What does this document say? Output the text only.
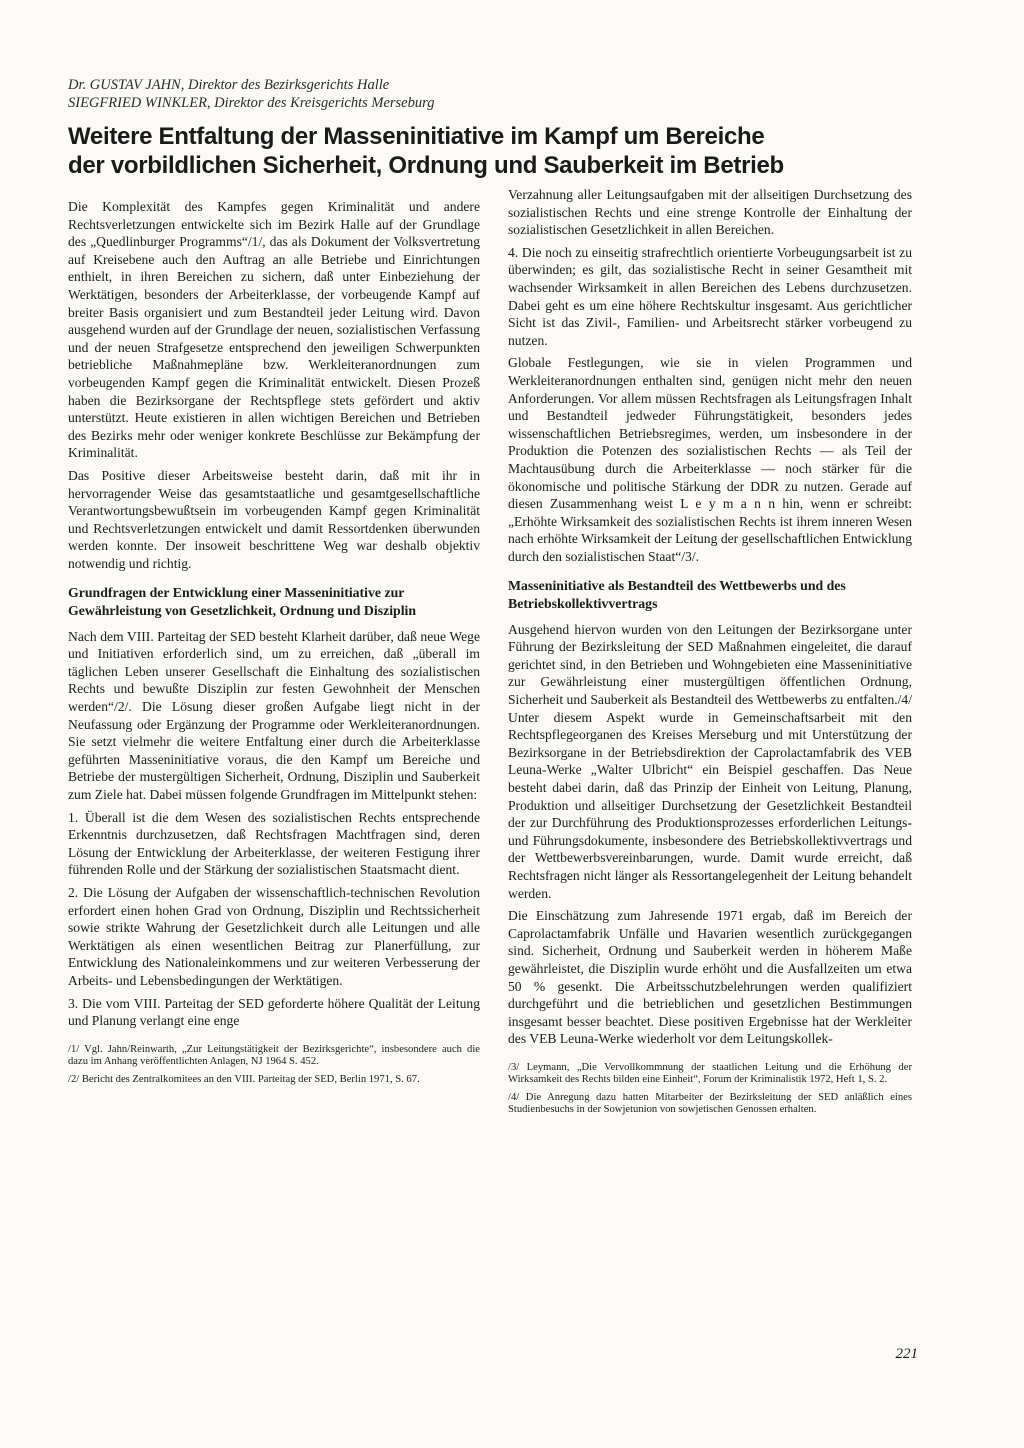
Dr. GUSTAV JAHN, Direktor des Bezirksgerichts Halle
SIEGFRIED WINKLER, Direktor des Kreisgerichts Merseburg
Weitere Entfaltung der Masseninitiative im Kampf um Bereiche
der vorbildlichen Sicherheit, Ordnung und Sauberkeit im Betrieb

Die Komplexität des Kampfes gegen Kriminalität und andere Rechtsverletzungen entwickelte sich im Bezirk Halle auf der Grundlage des „Quedlinburger Programms“/1/, das als Dokument der Volksvertretung auf Kreisebene auch den Auftrag an alle Betriebe und Einrichtungen enthielt, in ihren Bereichen zu sichern, daß unter Einbeziehung der Werktätigen, besonders der Arbeiterklasse, der vorbeugende Kampf auf breiter Basis organisiert und zum Bestandteil jeder Leitung wird. Davon ausgehend wurden auf der Grundlage der neuen, sozialistischen Verfassung und der neuen Strafgesetze entsprechend den jeweiligen Schwerpunkten betriebliche Maßnahmepläne bzw. Werkleiteranordnungen zum vorbeugenden Kampf gegen die Kriminalität entwickelt. Diesen Prozeß haben die Bezirksorgane der Rechtspflege stets gefördert und aktiv unterstützt. Heute existieren in allen wichtigen Bereichen und Betrieben des Bezirks mehr oder weniger konkrete Beschlüsse zur Bekämpfung der Kriminalität.

Das Positive dieser Arbeitsweise besteht darin, daß mit ihr in hervorragender Weise das gesamtstaatliche und gesamtgesellschaftliche Verantwortungsbewußtsein im vorbeugenden Kampf gegen Kriminalität und Rechtsverletzungen entwickelt und damit Ressortdenken überwunden werden konnte. Der insoweit beschrittene Weg war deshalb objektiv notwendig und richtig.

Grundfragen der Entwicklung einer Masseninitiative zur Gewährleistung von Gesetzlichkeit, Ordnung und Disziplin

Nach dem VIII. Parteitag der SED besteht Klarheit darüber, daß neue Wege und Initiativen erforderlich sind, um zu erreichen, daß „überall im täglichen Leben unserer Gesellschaft die Einhaltung des sozialistischen Rechts und bewußte Disziplin zur festen Gewohnheit der Menschen werden“/2/. Die Lösung dieser großen Aufgabe liegt nicht in der Neufassung oder Ergänzung der Programme oder Werkleiteranordnungen. Sie setzt vielmehr die weitere Entfaltung einer durch die Arbeiterklasse geführten Masseninitiative voraus, die den Kampf um Bereiche und Betriebe der mustergültigen Sicherheit, Ordnung, Disziplin und Sauberkeit zum Ziele hat. Dabei müssen folgende Grundfragen im Mittelpunkt stehen:

1. Überall ist die dem Wesen des sozialistischen Rechts entsprechende Erkenntnis durchzusetzen, daß Rechtsfragen Machtfragen sind, deren Lösung der Entwicklung der Arbeiterklasse, der weiteren Festigung ihrer führenden Rolle und der Stärkung der sozialistischen Staatsmacht dient.

2. Die Lösung der Aufgaben der wissenschaftlich-technischen Revolution erfordert einen hohen Grad von Ordnung, Disziplin und Rechtssicherheit sowie strikte Wahrung der Gesetzlichkeit durch alle Leitungen und alle Werktätigen als einen wesentlichen Beitrag zur Planerfüllung, zur Entwicklung des Nationaleinkommens und zur weiteren Verbesserung der Arbeits- und Lebensbedingungen der Werktätigen.

3. Die vom VIII. Parteitag der SED geforderte höhere Qualität der Leitung und Planung verlangt eine enge

/1/ Vgl. Jahn/Reinwarth, „Zur Leitungstätigkeit der Bezirksgerichte“, insbesondere auch die dazu im Anhang veröffentlichten Anlagen, NJ 1964 S. 452.

/2/ Bericht des Zentralkomitees an den VIII. Parteitag der SED, Berlin 1971, S. 67.

Verzahnung aller Leitungsaufgaben mit der allseitigen Durchsetzung des sozialistischen Rechts und eine strenge Kontrolle der Einhaltung der sozialistischen Gesetzlichkeit in allen Bereichen.

4. Die noch zu einseitig strafrechtlich orientierte Vorbeugungsarbeit ist zu überwinden; es gilt, das sozialistische Recht in seiner Gesamtheit mit wachsender Wirksamkeit in allen Bereichen des Lebens durchzusetzen. Dabei geht es um eine höhere Rechtskultur insgesamt. Aus gerichtlicher Sicht ist das Zivil-, Familien- und Arbeitsrecht stärker vorbeugend zu nutzen.

Globale Festlegungen, wie sie in vielen Programmen und Werkleiteranordnungen enthalten sind, genügen nicht mehr den neuen Anforderungen. Vor allem müssen Rechtsfragen als Leitungsfragen Inhalt und Bestandteil jedweder Führungstätigkeit, besonders jedes wissenschaftlichen Betriebsregimes, werden, um insbesondere in der Produktion die Potenzen des sozialistischen Rechts — als Teil der Machtausübung durch die Arbeiterklasse — noch stärker für die ökonomische und politische Stärkung der DDR zu nutzen. Gerade auf diesen Zusammenhang weist L e y m a n n hin, wenn er schreibt: „Erhöhte Wirksamkeit des sozialistischen Rechts ist ihrem inneren Wesen nach erhöhte Wirksamkeit der Leitung der gesellschaftlichen Entwicklung durch den sozialistischen Staat“/3/.

Masseninitiative als Bestandteil des Wettbewerbs und des Betriebskollektivvertrags

Ausgehend hiervon wurden von den Leitungen der Bezirksorgane unter Führung der Bezirksleitung der SED Maßnahmen eingeleitet, die darauf gerichtet sind, in den Betrieben und Wohngebieten eine Masseninitiative zur Gewährleistung einer mustergültigen öffentlichen Ordnung, Sicherheit und Sauberkeit als Bestandteil des Wettbewerbs zu entfalten./4/ Unter diesem Aspekt wurde in Gemeinschaftsarbeit mit den Rechtspflegeorganen des Kreises Merseburg und mit Unterstützung der Bezirksorgane in der Betriebsdirektion der Caprolactamfabrik des VEB Leuna-Werke „Walter Ulbricht“ ein Beispiel geschaffen. Das Neue besteht dabei darin, daß das Prinzip der Einheit von Leitung, Planung, Produktion und allseitiger Durchsetzung der Gesetzlichkeit Bestandteil der zur Durchführung des Produktionsprozesses erforderlichen Leitungs- und Führungsdokumente, insbesondere des Betriebskollektivvertrags und der Wettbewerbsvereinbarungen, wurde. Damit wurde erreicht, daß Rechtsfragen nicht länger als Ressortangelegenheit der Leitung behandelt werden.

Die Einschätzung zum Jahresende 1971 ergab, daß im Bereich der Caprolactamfabrik Unfälle und Havarien wesentlich zurückgegangen sind. Sicherheit, Ordnung und Sauberkeit werden in höherem Maße gewährleistet, die Disziplin wurde erhöht und die Ausfallzeiten um etwa 50 % gesenkt. Die Arbeitsschutzbelehrungen werden qualifiziert durchgeführt und die betrieblichen und gesetzlichen Bestimmungen insgesamt besser beachtet. Diese positiven Ergebnisse hat der Werkleiter des VEB Leuna-Werke wiederholt vor dem Leitungskollek-

/3/ Leymann, „Die Vervollkommnung der staatlichen Leitung und die Erhöhung der Wirksamkeit des Rechts bilden eine Einheit“, Forum der Kriminalistik 1972, Heft 1, S. 2.

/4/ Die Anregung dazu hatten Mitarbeiter der Bezirksleitung der SED anläßlich eines Studienbesuchs in der Sowjetunion von sowjetischen Genossen erhalten.

221
